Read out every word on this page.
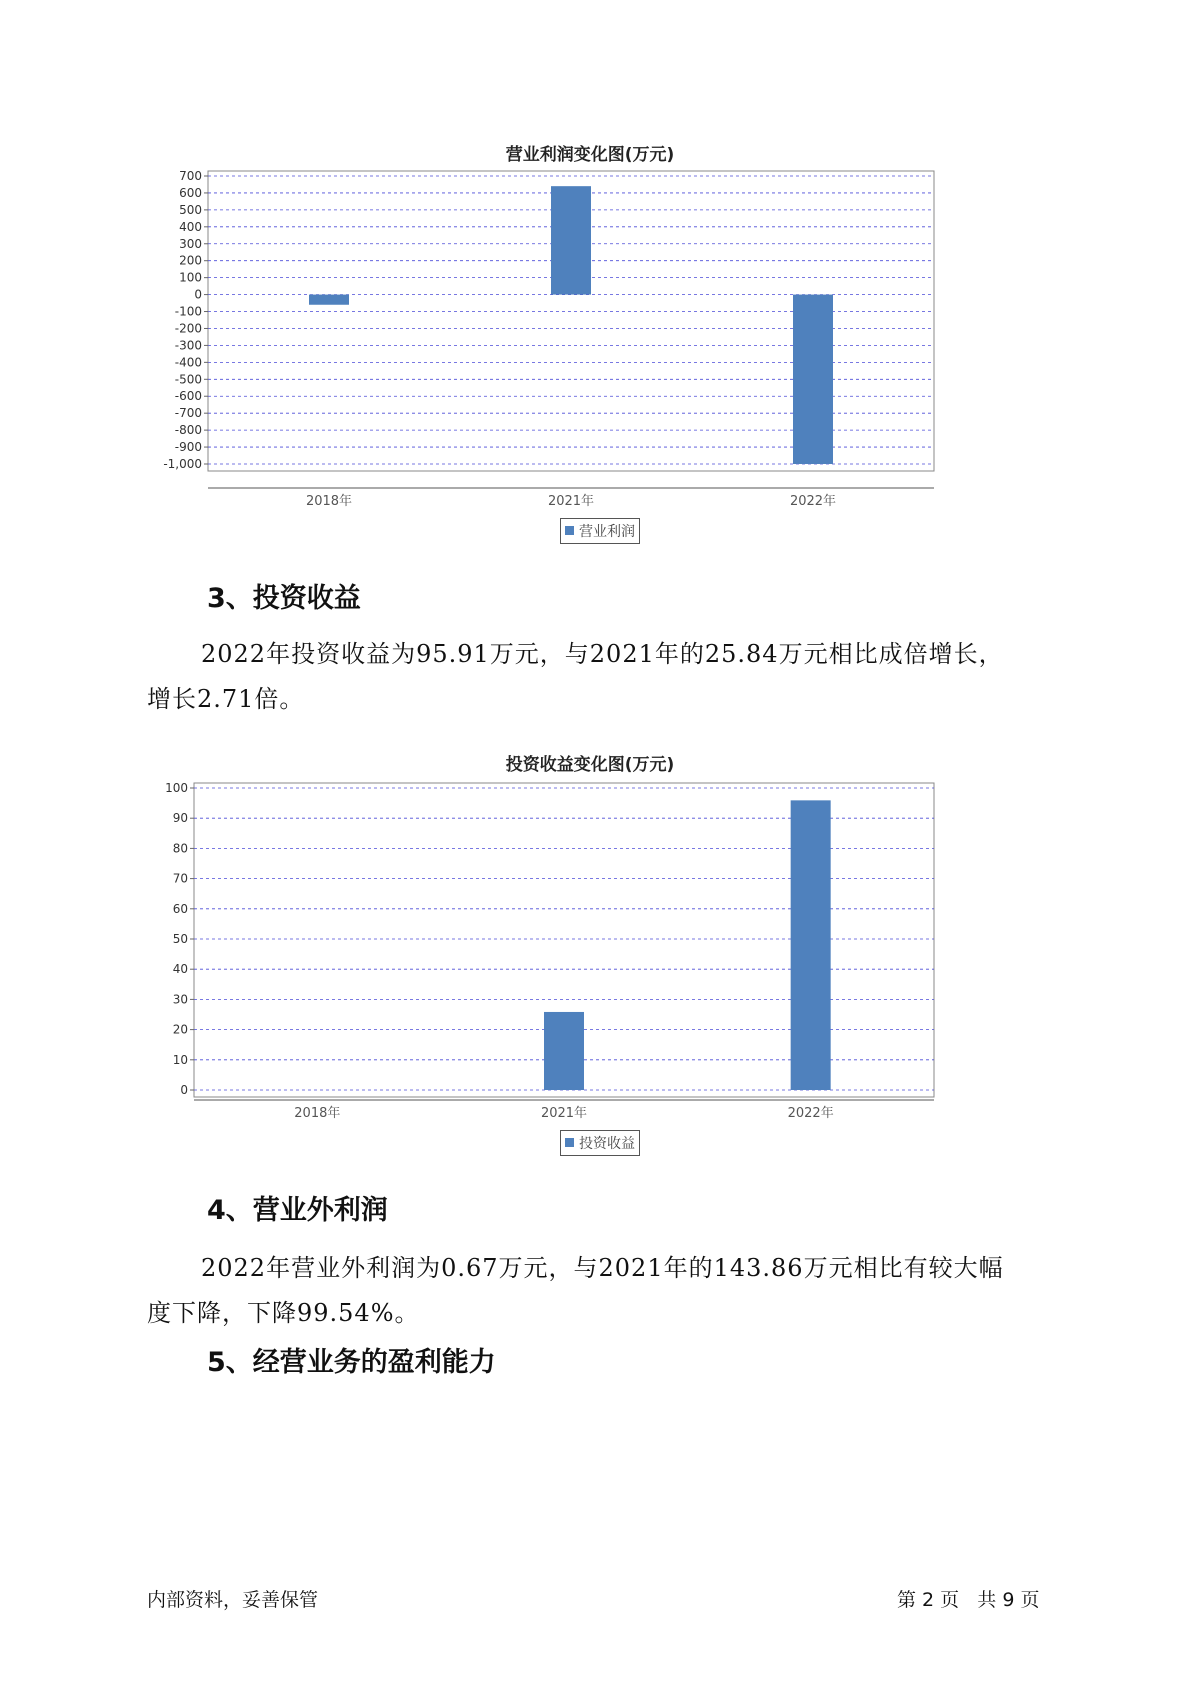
营业利润变化图(万元)
700
600
500
400
300
200
100
0
-100
-200
-300
-400
-500
-600
-700
-800
-900
-1,000
2018年	2021年	2022年
营业利润
3、投资收益
2022年投资收益为95.91万元，与2021年的25.84万元相比成倍增长，
增长2.71倍。
投资收益变化图(万元)
100
90
80
70
60
50
40
30
20
10
0
2018年	2021年	2022年
投资收益
4、营业外利润
2022年营业外利润为0.67万元，与2021年的143.86万元相比有较大幅
度下降，下降99.54%。
5、经营业务的盈利能力
内部资料，妥善保管	第 2 页   共 9 页
